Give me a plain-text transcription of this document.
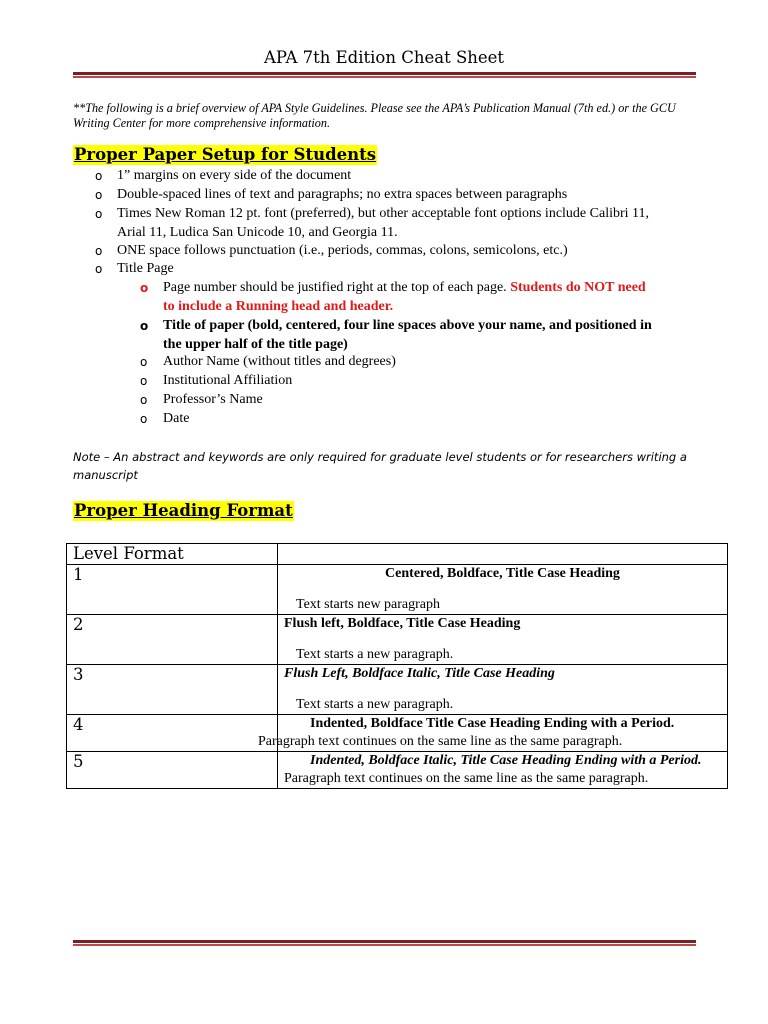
APA 7th Edition Cheat Sheet
**The following is a brief overview of APA Style Guidelines. Please see the APA’s Publication Manual (7th ed.) or the GCU Writing Center for more comprehensive information.
Proper Paper Setup for Students
o 1” margins on every side of the document
o Double-spaced lines of text and paragraphs; no extra spaces between paragraphs
o Times New Roman 12 pt. font (preferred), but other acceptable font options include Calibri 11,
Arial 11, Ludica San Unicode 10, and Georgia 11.
o ONE space follows punctuation (i.e., periods, commas, colons, semicolons, etc.)
o Title Page
o Page number should be justified right at the top of each page. Students do NOT need
to include a Running head and header.
o Title of paper (bold, centered, four line spaces above your name, and positioned in
the upper half of the title page)
o Author Name (without titles and degrees)
o Institutional Affiliation
o Professor’s Name
o Date
Note – An abstract and keywords are only required for graduate level students or for researchers writing a manuscript
Proper Heading Format
Level Format	
1	Centered, Boldface, Title Case Heading
Text starts new paragraph

2	Flush left, Boldface, Title Case Heading
Text starts a new paragraph.

3	Flush Left, Boldface Italic, Title Case Heading
Text starts a new paragraph.

4	Indented, Boldface Title Case Heading Ending with a Period.
Paragraph text continues on the same line as the same paragraph.

5	Indented, Boldface Italic, Title Case Heading Ending with a Period. Paragraph text continues on the same line as the same paragraph.
